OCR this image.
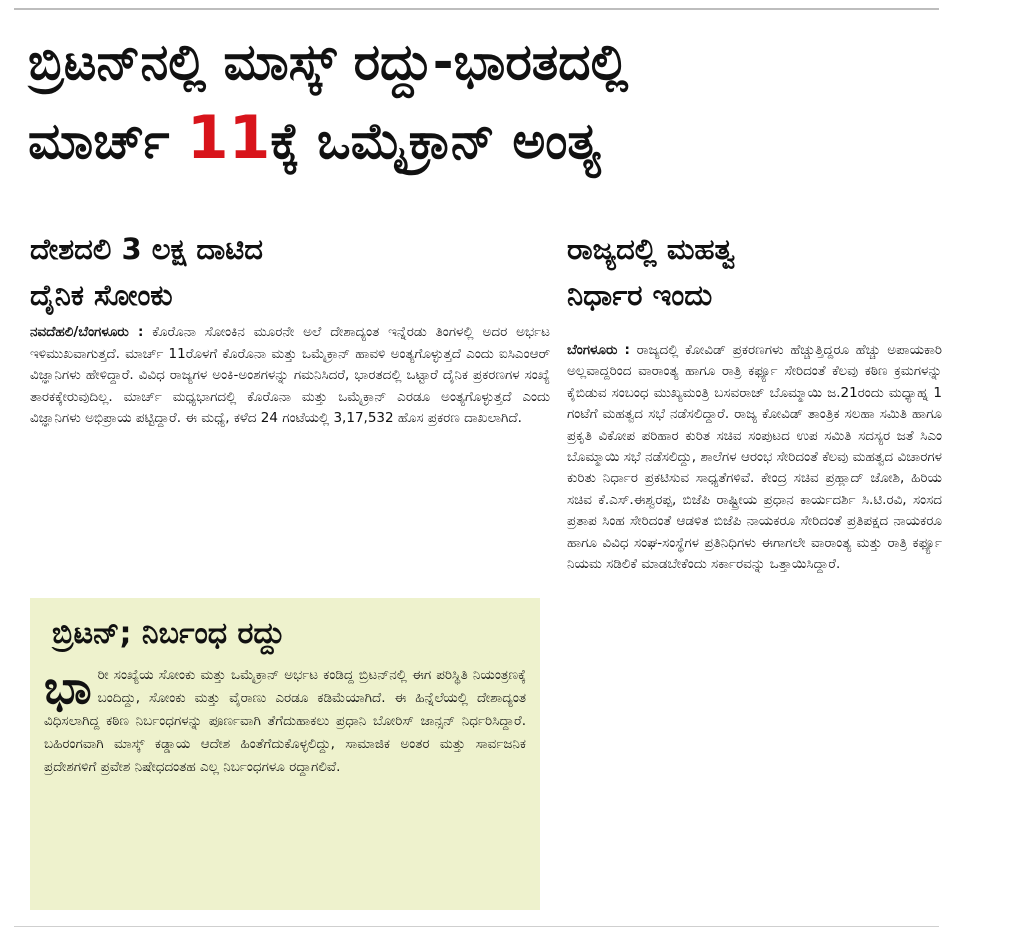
ಬ್ರಿಟನ್‌ನಲ್ಲಿ ಮಾಸ್ಕ್ ರದ್ದು-ಭಾರತದಲ್ಲಿ
ಮಾರ್ಚ್ 11ಕ್ಕೆ ಒಮೈಕ್ರಾನ್ ಅಂತ್ಯ
ದೇಶದಲಿ 3 ಲಕ್ಷ ದಾಟಿದ
ದೈನಿಕ ಸೋಂಕು
ರಾಜ್ಯದಲ್ಲಿ ಮಹತ್ವ
ನಿರ್ಧಾರ ಇಂದು

ನವದೆಹಲಿ/ಬೆಂಗಳೂರು : ಕೊರೊನಾ ಸೋಂಕಿನ ಮೂರನೇ ಅಲೆ ದೇಶಾದ್ಯಂತ ಇನ್ನೆರಡು ತಿಂಗಳಲ್ಲಿ ಅದರ ಅರ್ಭಟ ಇಳಿಮುಖವಾಗುತ್ತದೆ. ಮಾರ್ಚ್ 11ರೊಳಗೆ ಕೊರೊನಾ ಮತ್ತು ಒಮೈಕ್ರಾನ್ ಹಾವಳಿ ಅಂತ್ಯಗೊಳ್ಳುತ್ತದೆ ಎಂದು ಐಸಿಎಂಆರ್ ವಿಜ್ಞಾನಿಗಳು ಹೇಳಿದ್ದಾರೆ. ವಿವಿಧ ರಾಜ್ಯಗಳ ಅಂಕಿ-ಅಂಶಗಳನ್ನು ಗಮನಿಸಿದರೆ, ಭಾರತದಲ್ಲಿ ಒಟ್ಟಾರೆ ದೈನಿಕ ಪ್ರಕರಣಗಳ ಸಂಖ್ಯೆ ತಾರಕಕ್ಕೇರುವುದಿಲ್ಲ. ಮಾರ್ಚ್ ಮಧ್ಯಭಾಗದಲ್ಲಿ ಕೊರೊನಾ ಮತ್ತು ಒಮೈಕ್ರಾನ್ ಎರಡೂ ಅಂತ್ಯಗೊಳ್ಳುತ್ತದೆ ಎಂದು ವಿಜ್ಞಾನಿಗಳು ಅಭಿಪ್ರಾಯ ಪಟ್ಟಿದ್ದಾರೆ. ಈ ಮಧ್ಯೆ, ಕಳೆದ 24 ಗಂಟೆಯಲ್ಲಿ 3,17,532 ಹೊಸ ಪ್ರಕರಣ ದಾಖಲಾಗಿದೆ.

ಬ್ರಿಟನ್; ನಿರ್ಬಂಧ ರದ್ದು

ಭಾರೀ ಸಂಖ್ಯೆಯ ಸೋಂಕು ಮತ್ತು ಒಮೈಕ್ರಾನ್ ಅರ್ಭಟ ಕಂಡಿದ್ದ ಬ್ರಿಟನ್‌ನಲ್ಲಿ ಈಗ ಪರಿಸ್ಥಿತಿ ನಿಯಂತ್ರಣಕ್ಕೆ ಬಂದಿದ್ದು, ಸೋಂಕು ಮತ್ತು ವೈರಾಣು ಎರಡೂ ಕಡಿಮೆಯಾಗಿದೆ. ಈ ಹಿನ್ನೆಲೆಯಲ್ಲಿ ದೇಶಾದ್ಯಂತ ವಿಧಿಸಲಾಗಿದ್ದ ಕಠಿಣ ನಿರ್ಬಂಧಗಳನ್ನು ಪೂರ್ಣವಾಗಿ ತೆಗೆದುಹಾಕಲು ಪ್ರಧಾನಿ ಬೋರಿಸ್ ಜಾನ್ಸನ್ ನಿರ್ಧರಿಸಿದ್ದಾರೆ. ಬಹಿರಂಗವಾಗಿ ಮಾಸ್ಕ್ ಕಡ್ಡಾಯ ಆದೇಶ ಹಿಂತೆಗೆದುಕೊಳ್ಳಲಿದ್ದು, ಸಾಮಾಜಿಕ ಅಂತರ ಮತ್ತು ಸಾರ್ವಜನಿಕ ಪ್ರದೇಶಗಳಿಗೆ ಪ್ರವೇಶ ನಿಷೇಧದಂತಹ ಎಲ್ಲ ನಿರ್ಬಂಧಗಳೂ ರದ್ದಾಗಲಿವೆ.

ಬೆಂಗಳೂರು : ರಾಜ್ಯದಲ್ಲಿ ಕೋವಿಡ್ ಪ್ರಕರಣಗಳು ಹೆಚ್ಚುತ್ತಿದ್ದರೂ ಹೆಚ್ಚು ಅಪಾಯಕಾರಿ ಅಲ್ಲವಾದ್ದರಿಂದ ವಾರಾಂತ್ಯ ಹಾಗೂ ರಾತ್ರಿ ಕರ್ಫ್ಯೂ ಸೇರಿದಂತೆ ಕೆಲವು ಕಠಿಣ ಕ್ರಮಗಳನ್ನು ಕೈಬಿಡುವ ಸಂಬಂಧ ಮುಖ್ಯಮಂತ್ರಿ ಬಸವರಾಜ್ ಬೊಮ್ಮಾಯಿ ಜ.21ರಂದು ಮಧ್ಯಾಹ್ನ 1 ಗಂಟೆಗೆ ಮಹತ್ವದ ಸಭೆ ನಡೆಸಲಿದ್ದಾರೆ. ರಾಜ್ಯ ಕೋವಿಡ್ ತಾಂತ್ರಿಕ ಸಲಹಾ ಸಮಿತಿ ಹಾಗೂ ಪ್ರಕೃತಿ ವಿಕೋಪ ಪರಿಹಾರ ಕುರಿತ ಸಚಿವ ಸಂಪುಟದ ಉಪ ಸಮಿತಿ ಸದಸ್ಯರ ಜತೆ ಸಿಎಂ ಬೊಮ್ಮಾಯಿ ಸಭೆ ನಡೆಸಲಿದ್ದು, ಶಾಲೆಗಳ ಆರಂಭ ಸೇರಿದಂತೆ ಕೆಲವು ಮಹತ್ವದ ವಿಚಾರಗಳ ಕುರಿತು ನಿರ್ಧಾರ ಪ್ರಕಟಿಸುವ ಸಾಧ್ಯತೆಗಳಿವೆ. ಕೇಂದ್ರ ಸಚಿವ ಪ್ರಹ್ಲಾದ್ ಜೋಶಿ, ಹಿರಿಯ ಸಚಿವ ಕೆ.ಎಸ್.ಈಶ್ವರಪ್ಪ, ಬಿಜೆಪಿ ರಾಷ್ಟ್ರೀಯ ಪ್ರಧಾನ ಕಾರ್ಯದರ್ಶಿ ಸಿ.ಟಿ.ರವಿ, ಸಂಸದ ಪ್ರತಾಪ ಸಿಂಹ ಸೇರಿದಂತೆ ಆಡಳಿತ ಬಿಜೆಪಿ ನಾಯಕರೂ ಸೇರಿದಂತೆ ಪ್ರತಿಪಕ್ಷದ ನಾಯಕರೂ ಹಾಗೂ ವಿವಿಧ ಸಂಘ-ಸಂಸ್ಥೆಗಳ ಪ್ರತಿನಿಧಿಗಳು ಈಗಾಗಲೇ ವಾರಾಂತ್ಯ ಮತ್ತು ರಾತ್ರಿ ಕರ್ಫ್ಯೂ ನಿಯಮ ಸಡಿಲಿಕೆ ಮಾಡಬೇಕೆಂದು ಸರ್ಕಾರವನ್ನು ಒತ್ತಾಯಿಸಿದ್ದಾರೆ.
